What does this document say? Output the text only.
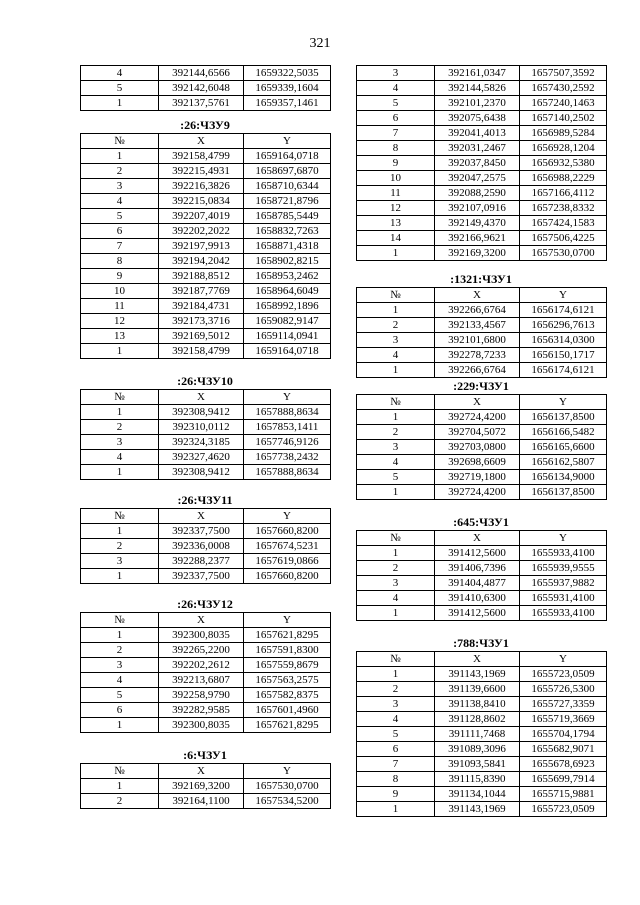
321
4	392144,6566	1659322,5035
5	392142,6048	1659339,1604
1	392137,5761	1659357,1461
:26:ЧЗУ9
№	X	Y
1	392158,4799	1659164,0718
2	392215,4931	1658697,6870
3	392216,3826	1658710,6344
4	392215,0834	1658721,8796
5	392207,4019	1658785,5449
6	392202,2022	1658832,7263
7	392197,9913	1658871,4318
8	392194,2042	1658902,8215
9	392188,8512	1658953,2462
10	392187,7769	1658964,6049
11	392184,4731	1658992,1896
12	392173,3716	1659082,9147
13	392169,5012	1659114,0941
1	392158,4799	1659164,0718
:26:ЧЗУ10
№	X	Y
1	392308,9412	1657888,8634
2	392310,0112	1657853,1411
3	392324,3185	1657746,9126
4	392327,4620	1657738,2432
1	392308,9412	1657888,8634
:26:ЧЗУ11
№	X	Y
1	392337,7500	1657660,8200
2	392336,0008	1657674,5231
3	392288,2377	1657619,0866
1	392337,7500	1657660,8200
:26:ЧЗУ12
№	X	Y
1	392300,8035	1657621,8295
2	392265,2200	1657591,8300
3	392202,2612	1657559,8679
4	392213,6807	1657563,2575
5	392258,9790	1657582,8375
6	392282,9585	1657601,4960
1	392300,8035	1657621,8295
:6:ЧЗУ1
№	X	Y
1	392169,3200	1657530,0700
2	392164,1100	1657534,5200
3	392161,0347	1657507,3592
4	392144,5826	1657430,2592
5	392101,2370	1657240,1463
6	392075,6438	1657140,2502
7	392041,4013	1656989,5284
8	392031,2467	1656928,1204
9	392037,8450	1656932,5380
10	392047,2575	1656988,2229
11	392088,2590	1657166,4112
12	392107,0916	1657238,8332
13	392149,4370	1657424,1583
14	392166,9621	1657506,4225
1	392169,3200	1657530,0700
:1321:ЧЗУ1
№	X	Y
1	392266,6764	1656174,6121
2	392133,4567	1656296,7613
3	392101,6800	1656314,0300
4	392278,7233	1656150,1717
1	392266,6764	1656174,6121
:229:ЧЗУ1
№	X	Y
1	392724,4200	1656137,8500
2	392704,5072	1656166,5482
3	392703,0800	1656165,6600
4	392698,6609	1656162,5807
5	392719,1800	1656134,9000
1	392724,4200	1656137,8500
:645:ЧЗУ1
№	X	Y
1	391412,5600	1655933,4100
2	391406,7396	1655939,9555
3	391404,4877	1655937,9882
4	391410,6300	1655931,4100
1	391412,5600	1655933,4100
:788:ЧЗУ1
№	X	Y
1	391143,1969	1655723,0509
2	391139,6600	1655726,5300
3	391138,8410	1655727,3359
4	391128,8602	1655719,3669
5	391111,7468	1655704,1794
6	391089,3096	1655682,9071
7	391093,5841	1655678,6923
8	391115,8390	1655699,7914
9	391134,1044	1655715,9881
1	391143,1969	1655723,0509
